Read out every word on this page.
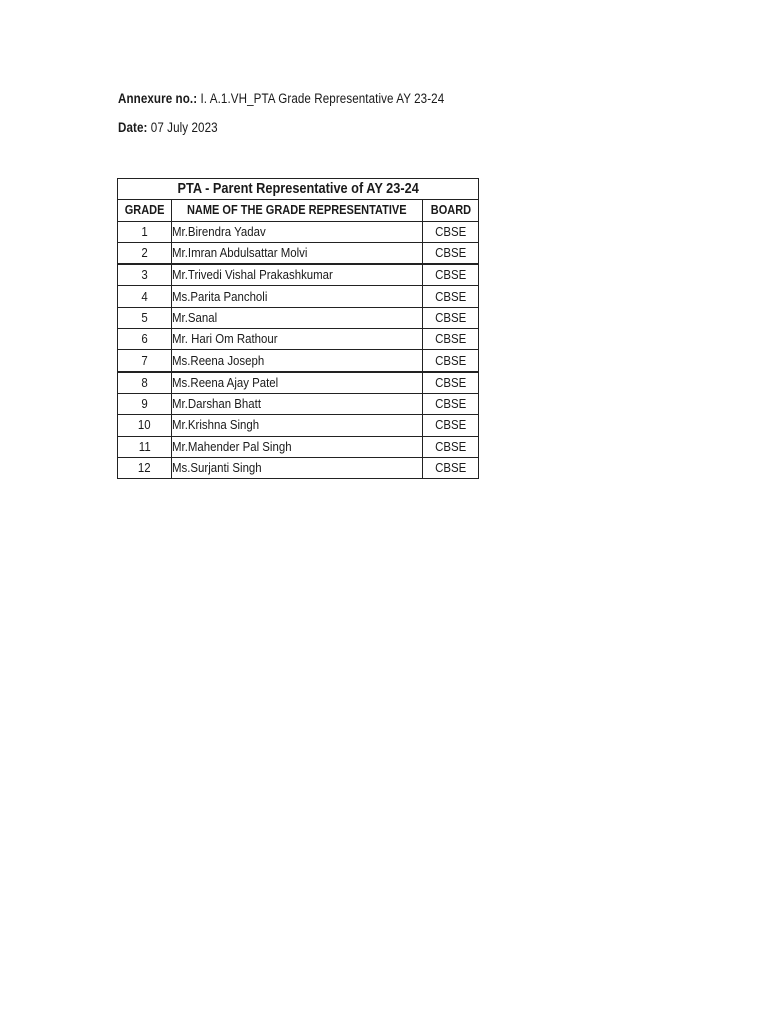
Annexure no.: I. A.1.VH_PTA Grade Representative AY 23-24
Date: 07 July 2023
PTA - Parent Representative of AY 23-24		
GRADE	NAME OF THE GRADE REPRESENTATIVE	BOARD
1	Mr.Birendra Yadav	CBSE
2	Mr.Imran Abdulsattar Molvi	CBSE
3	Mr.Trivedi Vishal Prakashkumar	CBSE
4	Ms.Parita Pancholi	CBSE
5	Mr.Sanal	CBSE
6	Mr. Hari Om Rathour	CBSE
7	Ms.Reena Joseph	CBSE
8	Ms.Reena Ajay Patel	CBSE
9	Mr.Darshan Bhatt	CBSE
10	Mr.Krishna Singh	CBSE
11	Mr.Mahender Pal Singh	CBSE
12	Ms.Surjanti Singh	CBSE
